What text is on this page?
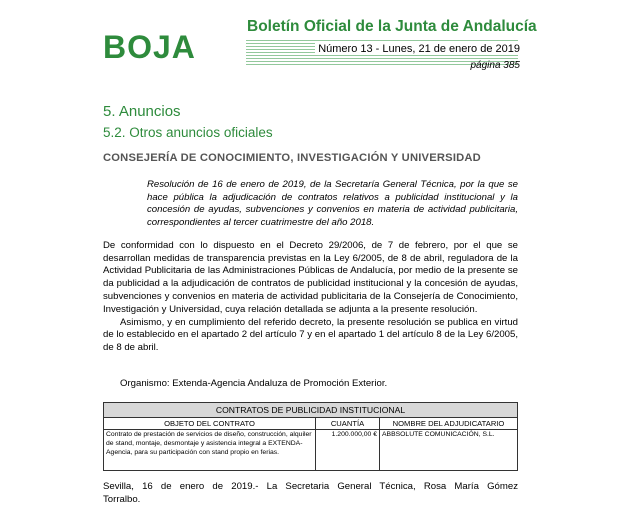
BOJA
Boletín Oficial de la Junta de Andalucía
Número 13 - Lunes, 21 de enero de 2019
página 385
5. Anuncios
5.2. Otros anuncios oficiales
CONSEJERÍA DE CONOCIMIENTO, INVESTIGACIÓN Y UNIVERSIDAD
Resolución de 16 de enero de 2019, de la Secretaría General Técnica, por la que se hace pública la adjudicación de contratos relativos a publicidad institucional y la concesión de ayudas, subvenciones y convenios en materia de actividad publicitaria, correspondientes al tercer cuatrimestre del año 2018.

De conformidad con lo dispuesto en el Decreto 29/2006, de 7 de febrero, por el que se desarrollan medidas de transparencia previstas en la Ley 6/2005, de 8 de abril, reguladora de la Actividad Publicitaria de las Administraciones Públicas de Andalucía, por medio de la presente se da publicidad a la adjudicación de contratos de publicidad institucional y la concesión de ayudas, subvenciones y convenios en materia de actividad publicitaria de la Consejería de Conocimiento, Investigación y Universidad, cuya relación detallada se adjunta a la presente resolución.

Asimismo, y en cumplimiento del referido decreto, la presente resolución se publica en virtud de lo establecido en el apartado 2 del artículo 7 y en el apartado 1 del artículo 8 de la Ley 6/2005, de 8 de abril.

Organismo: Extenda-Agencia Andaluza de Promoción Exterior.
CONTRATOS DE PUBLICIDAD INSTITUCIONAL		
OBJETO DEL CONTRATO	CUANTÍA	NOMBRE DEL ADJUDICATARIO
Contrato de prestación de servicios de diseño, construcción, alquiler de stand, montaje, desmontaje y asistencia integral a EXTENDA-Agencia, para su participación con stand propio en ferias.	1.200.000,00 €	ABBSOLUTE COMUNICACIÓN, S.L.
Sevilla, 16 de enero de 2019.- La Secretaria General Técnica, Rosa María Gómez
Torralbo.
